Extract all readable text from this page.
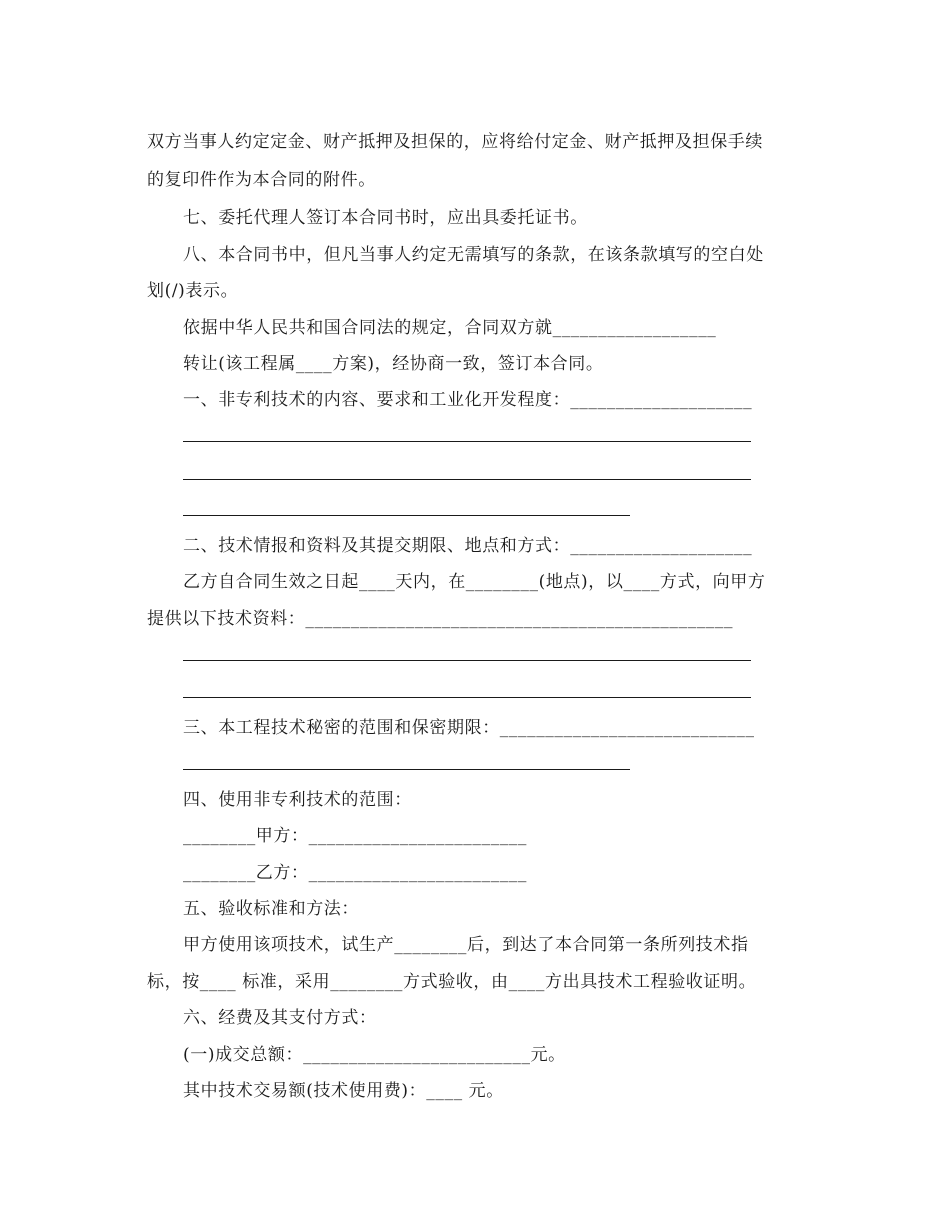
双方当事人约定定金、财产抵押及担保的，应将给付定金、财产抵押及担保手续
的复印件作为本合同的附件。
七、委托代理人签订本合同书时，应出具委托证书。
八、本合同书中，但凡当事人约定无需填写的条款，在该条款填写的空白处
划(/)表示。
依据中华人民共和国合同法的规定，合同双方就__________________
转让(该工程属____方案)，经协商一致，签订本合同。
一、非专利技术的内容、要求和工业化开发程度：____________________
二、技术情报和资料及其提交期限、地点和方式：____________________
乙方自合同生效之日起____天内，在________(地点)，以____方式，向甲方
提供以下技术资料：_______________________________________________
三、本工程技术秘密的范围和保密期限：____________________________
四、使用非专利技术的范围：
________甲方：________________________
________乙方：________________________
五、验收标准和方法：
甲方使用该项技术，试生产________后，到达了本合同第一条所列技术指
标，按____ 标准，采用________方式验收，由____方出具技术工程验收证明。
六、经费及其支付方式：
(一)成交总额：_________________________元。
其中技术交易额(技术使用费)：____ 元。
